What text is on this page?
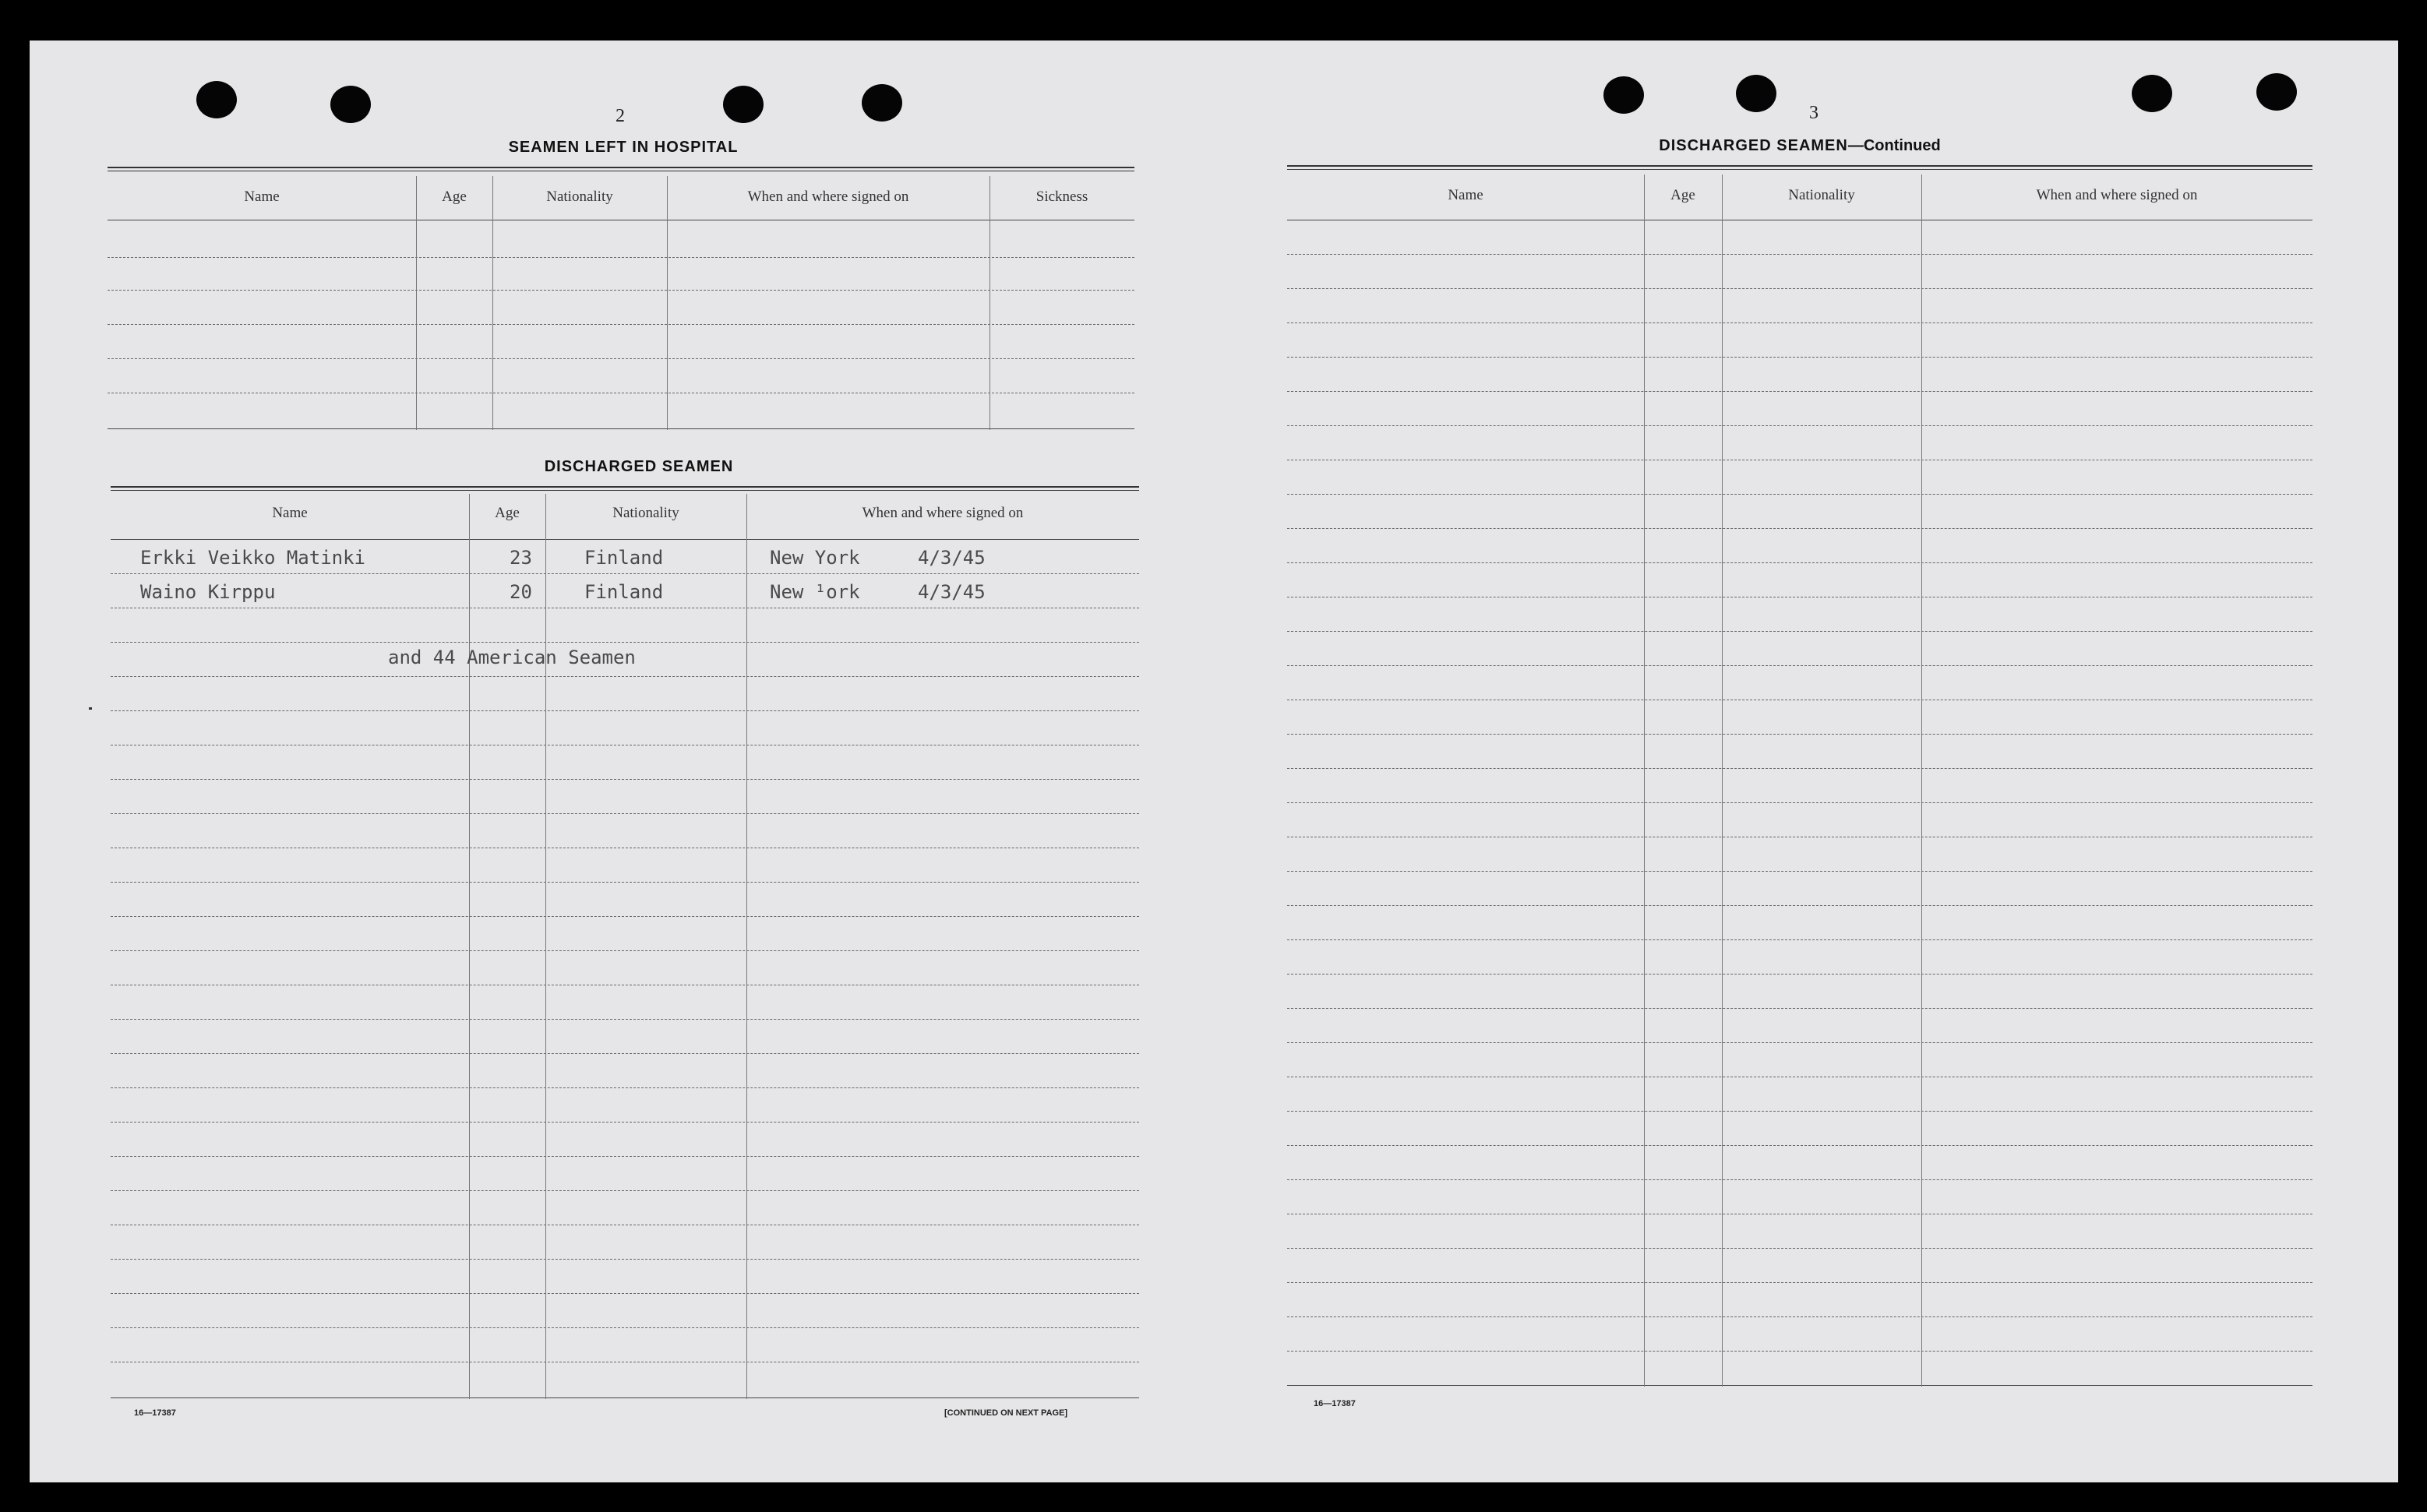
2
SEAMEN LEFT IN HOSPITAL
Name	Age	Nationality	When and where signed on	Sickness
DISCHARGED SEAMEN
Name	Age	Nationality	When and where signed on
Erkki Veikko Matinki	23	Finland	New York	4/3/45
Waino Kirppu	20	Finland	New ¹ork	4/3/45
and 44 American Seamen
16—17387	[CONTINUED ON NEXT PAGE]
3
DISCHARGED SEAMEN—Continued
Name	Age	Nationality	When and where signed on
16—17387
